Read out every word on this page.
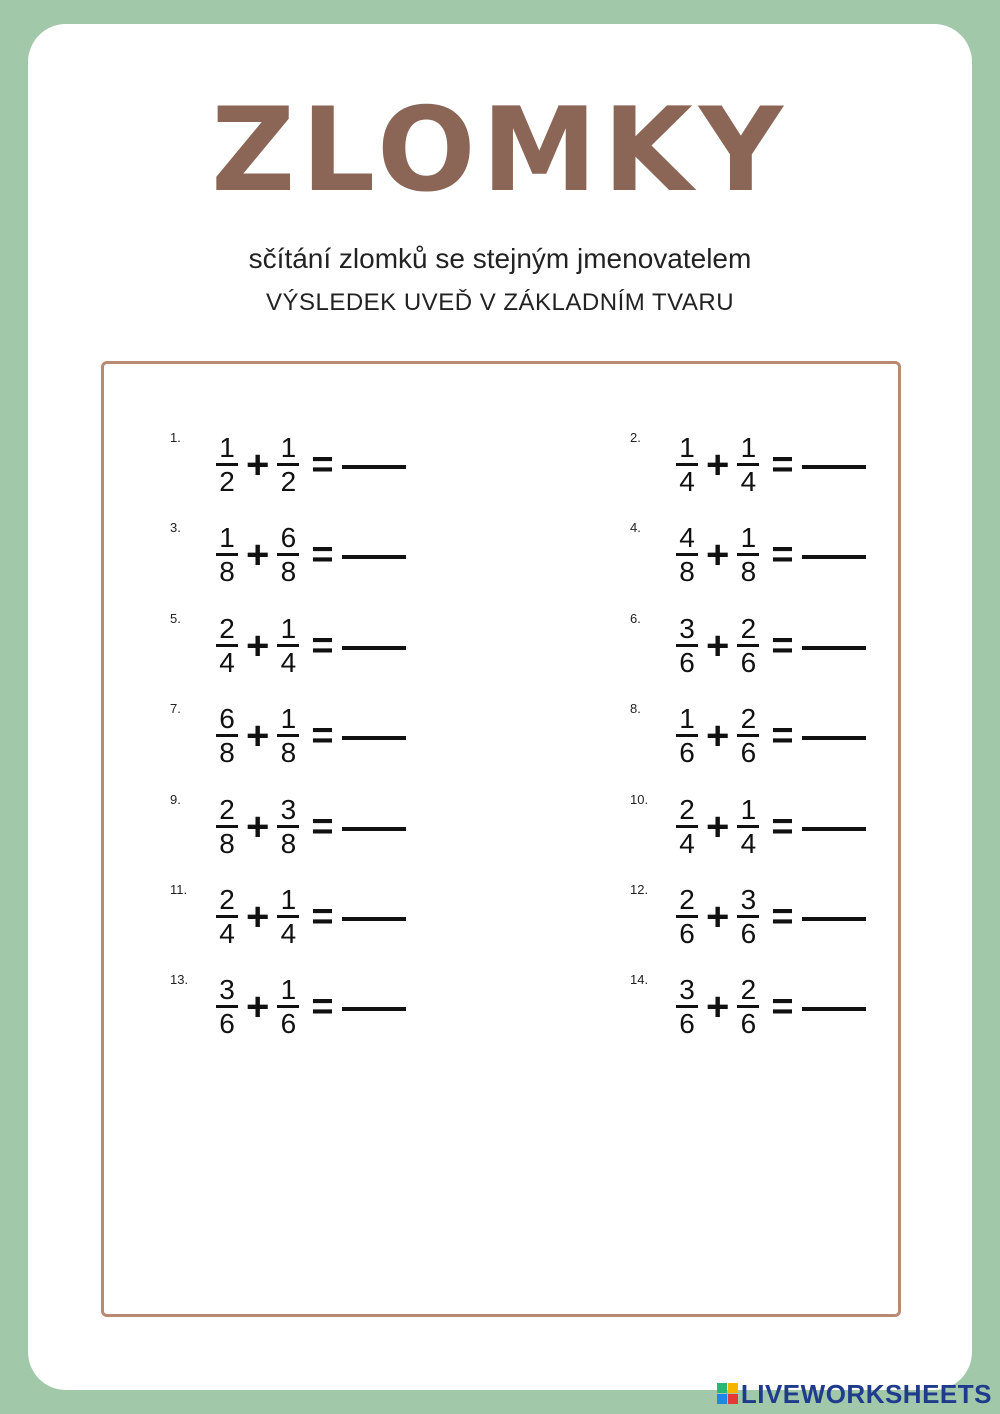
ZLOMKY
sčítání zlomků se stejným jmenovatelem
VÝSLEDEK UVEĎ V ZÁKLADNÍM TVARU
1. $\frac{1}{2} + \frac{1}{2}$ =
2. $\frac{1}{4} + \frac{1}{4}$ =
3. $\frac{1}{8} + \frac{6}{8}$ =
4. $\frac{4}{8} + \frac{1}{8}$ =
5. $\frac{2}{4} + \frac{1}{4}$ =
6. $\frac{3}{6} + \frac{2}{6}$ =
7. $\frac{6}{8} + \frac{1}{8}$ =
8. $\frac{1}{6} + \frac{2}{6}$ =
9. $\frac{2}{8} + \frac{3}{8}$ =
10. $\frac{2}{4} + \frac{1}{4}$ =
11. $\frac{2}{4} + \frac{1}{4}$ =
12. $\frac{2}{6} + \frac{3}{6}$ =
13. $\frac{3}{6} + \frac{1}{6}$ =
14. $\frac{3}{6} + \frac{2}{6}$ =
LIVEWORKSHEETS
